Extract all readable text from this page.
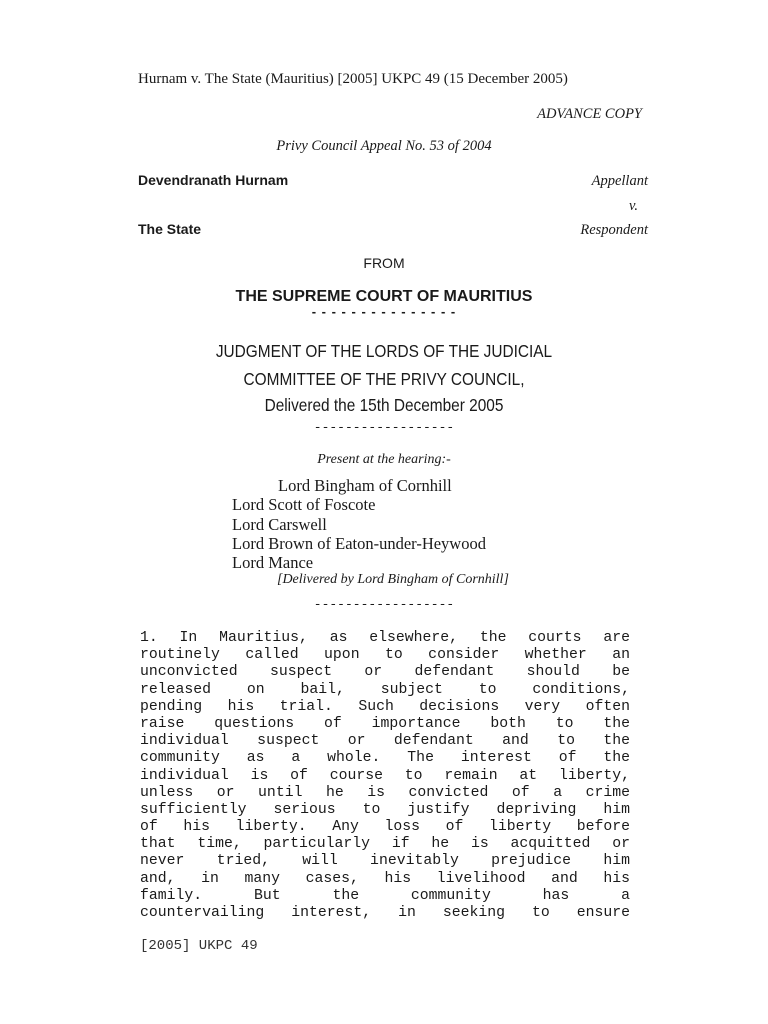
Hurnam v. The State (Mauritius) [2005] UKPC 49 (15 December 2005)
ADVANCE COPY
Privy Council Appeal No. 53 of 2004
Devendranath Hurnam	Appellant
v.
The State	Respondent
FROM
THE SUPREME COURT OF MAURITIUS
- - - - - - - - - - - - - - -
JUDGMENT OF THE LORDS OF THE JUDICIAL
COMMITTEE OF THE PRIVY COUNCIL,
Delivered the 15th December 2005
------------------
Present at the hearing:-
Lord Bingham of Cornhill
Lord Scott of Foscote
Lord Carswell
Lord Brown of Eaton-under-Heywood
Lord Mance
[Delivered by Lord Bingham of Cornhill]
------------------
1. In Mauritius, as elsewhere, the courts are
routinely called upon to consider whether an
unconvicted suspect or defendant should be
released on bail, subject to conditions,
pending his trial. Such decisions very often
raise questions of importance both to the
individual suspect or defendant and to the
community as a whole. The interest of the
individual is of course to remain at liberty,
unless or until he is convicted of a crime
sufficiently serious to justify depriving him
of his liberty. Any loss of liberty before
that time, particularly if he is acquitted or
never tried, will inevitably prejudice him
and, in many cases, his livelihood and his
family. But the community has a
countervailing interest, in seeking to ensure
[2005] UKPC 49
